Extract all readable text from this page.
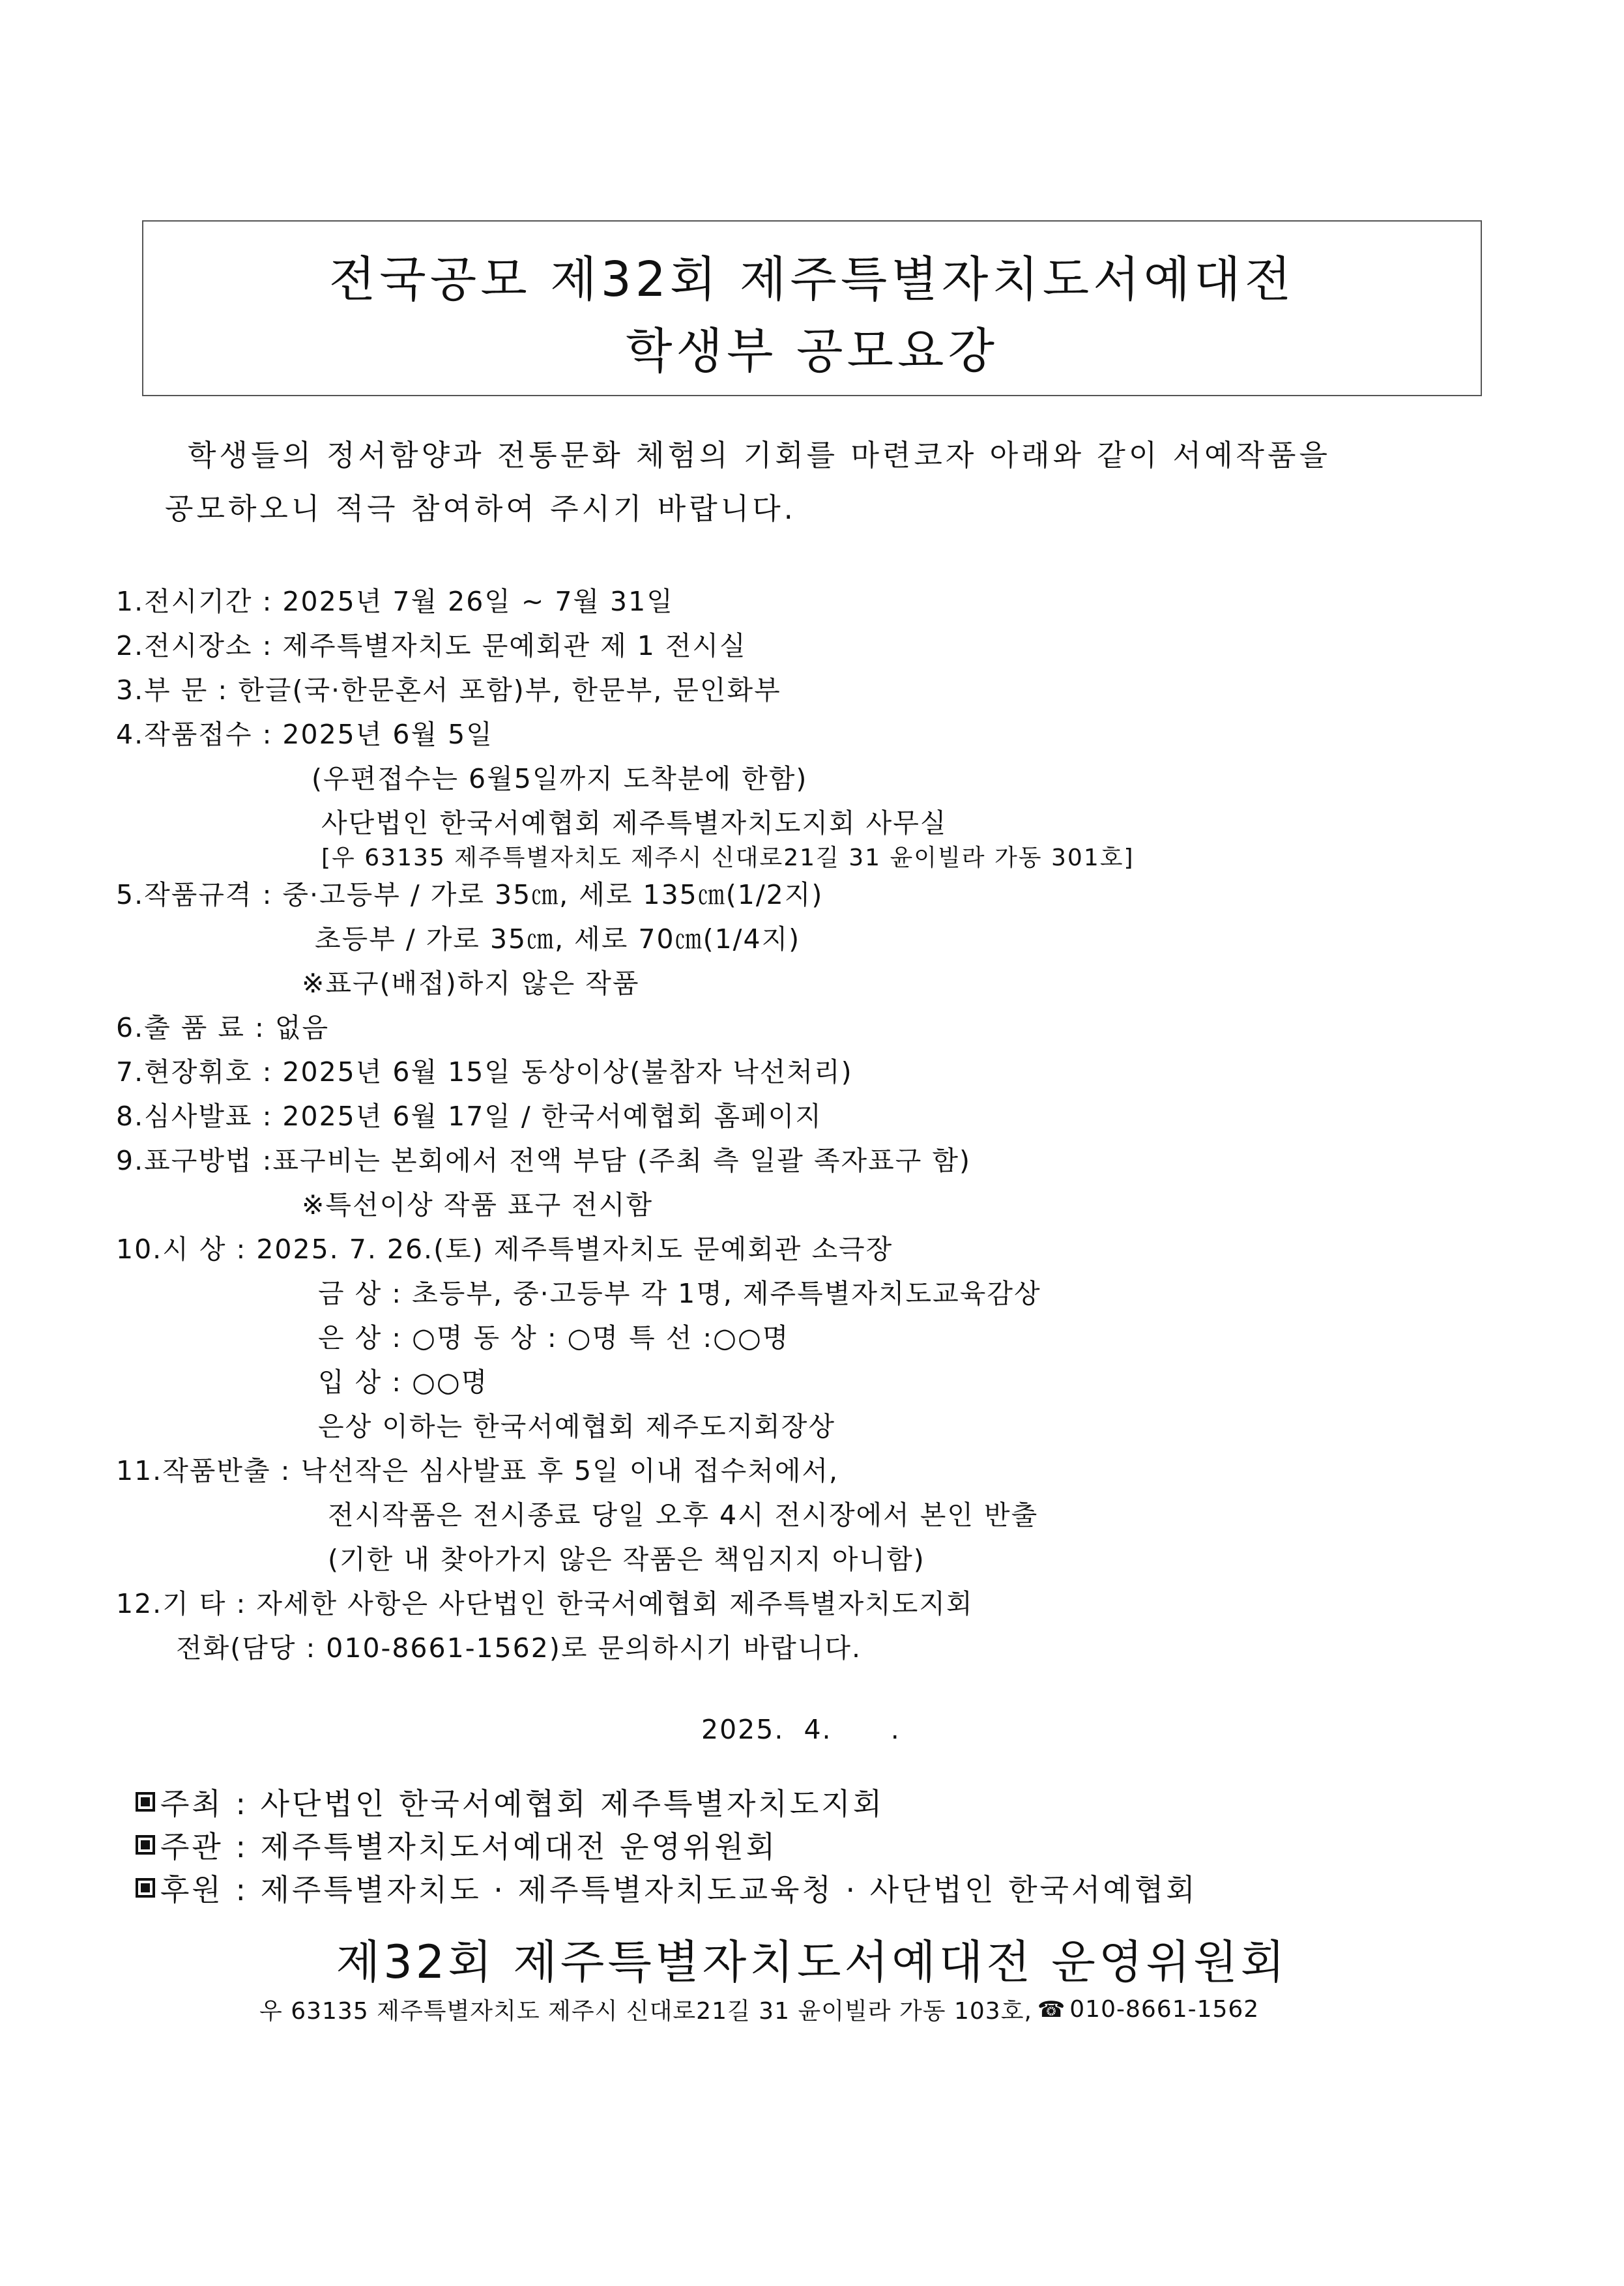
전국공모 제32회 제주특별자치도서예대전
학생부 공모요강
학생들의 정서함양과 전통문화 체험의 기회를 마련코자 아래와 같이 서예작품을
공모하오니 적극 참여하여 주시기 바랍니다.
1.전시기간 : 2025년 7월 26일 ~ 7월 31일
2.전시장소 : 제주특별자치도 문예회관 제 1 전시실
3.부 문 : 한글(국·한문혼서 포함)부, 한문부, 문인화부
4.작품접수 : 2025년 6월 5일
(우편접수는 6월5일까지 도착분에 한함)
사단법인 한국서예협회 제주특별자치도지회 사무실
[우 63135 제주특별자치도 제주시 신대로21길 31 윤이빌라 가동 301호]
5.작품규격 : 중·고등부 / 가로 35㎝, 세로 135㎝(1/2지)
초등부 / 가로 35㎝, 세로 70㎝(1/4지)
※표구(배접)하지 않은 작품
6.출 품 료 : 없음
7.현장휘호 : 2025년 6월 15일 동상이상(불참자 낙선처리)
8.심사발표 : 2025년 6월 17일 / 한국서예협회 홈페이지
9.표구방법 :표구비는 본회에서 전액 부담 (주최 측 일괄 족자표구 함)
※특선이상 작품 표구 전시함
10.시 상 : 2025. 7. 26.(토) 제주특별자치도 문예회관 소극장
금 상 : 초등부, 중·고등부 각 1명, 제주특별자치도교육감상
은 상 : ○명 동 상 : ○명 특 선 :○○명
입 상 : ○○명
은상 이하는 한국서예협회 제주도지회장상
11.작품반출 : 낙선작은 심사발표 후 5일 이내 접수처에서,
전시작품은 전시종료 당일 오후 4시 전시장에서 본인 반출
(기한 내 찾아가지 않은 작품은 책임지지 아니함)
12.기 타 : 자세한 사항은 사단법인 한국서예협회 제주특별자치도지회
전화(담당 : 010-8661-1562)로 문의하시기 바랍니다.
2025.  4.      .
주최 : 사단법인 한국서예협회 제주특별자치도지회
주관 : 제주특별자치도서예대전 운영위원회
후원 : 제주특별자치도 · 제주특별자치도교육청 · 사단법인 한국서예협회
제32회 제주특별자치도서예대전 운영위원회
우 63135 제주특별자치도 제주시 신대로21길 31 윤이빌라 가동 103호, ☎ 010-8661-1562
